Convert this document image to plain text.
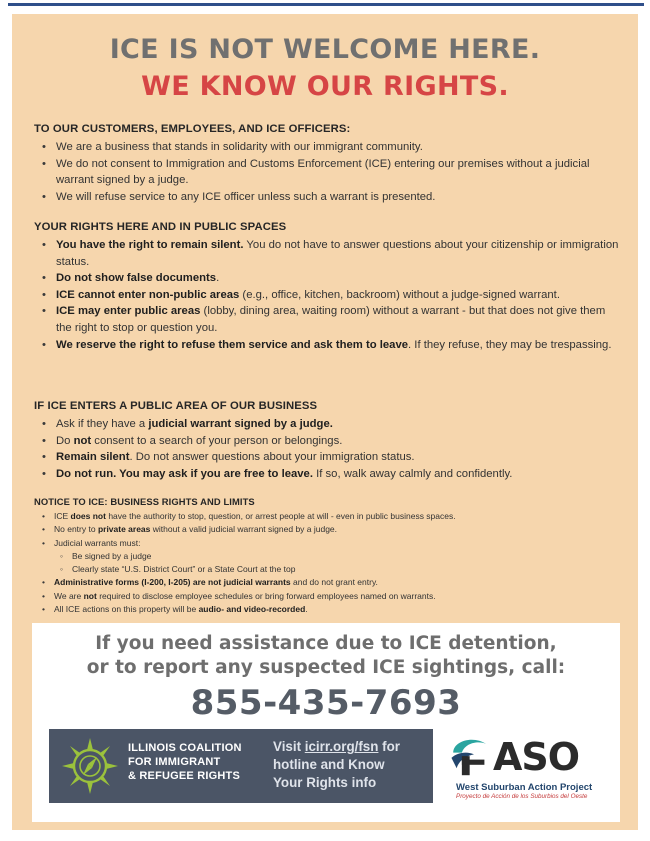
ICE IS NOT WELCOME HERE.
WE KNOW OUR RIGHTS.
TO OUR CUSTOMERS, EMPLOYEES, AND ICE OFFICERS:
• We are a business that stands in solidarity with our immigrant community.
• We do not consent to Immigration and Customs Enforcement (ICE) entering our premises without a judicial warrant signed by a judge.
• We will refuse service to any ICE officer unless such a warrant is presented.
YOUR RIGHTS HERE AND IN PUBLIC SPACES
• You have the right to remain silent. You do not have to answer questions about your citizenship or immigration status.
• Do not show false documents.
• ICE cannot enter non-public areas (e.g., office, kitchen, backroom) without a judge-signed warrant.
• ICE may enter public areas (lobby, dining area, waiting room) without a warrant - but that does not give them the right to stop or question you.
• We reserve the right to refuse them service and ask them to leave. If they refuse, they may be trespassing.
IF ICE ENTERS A PUBLIC AREA OF OUR BUSINESS
• Ask if they have a judicial warrant signed by a judge.
• Do not consent to a search of your person or belongings.
• Remain silent. Do not answer questions about your immigration status.
• Do not run. You may ask if you are free to leave. If so, walk away calmly and confidently.
NOTICE TO ICE: BUSINESS RIGHTS AND LIMITS
• ICE does not have the authority to stop, question, or arrest people at will - even in public business spaces.
• No entry to private areas without a valid judicial warrant signed by a judge.
• Judicial warrants must:
◦ Be signed by a judge
◦ Clearly state “U.S. District Court” or a State Court at the top
• Administrative forms (I-200, I-205) are not judicial warrants and do not grant entry.
• We are not required to disclose employee schedules or bring forward employees named on warrants.
• All ICE actions on this property will be audio- and video-recorded.
If you need assistance due to ICE detention,
or to report any suspected ICE sightings, call:
855-435-7693
ILLINOIS COALITION
FOR IMMIGRANT
& REFUGEE RIGHTS
Visit icirr.org/fsn for
hotline and Know
Your Rights info
ASO
West Suburban Action Project
Proyecto de Acción de los Suburbios del Oeste
